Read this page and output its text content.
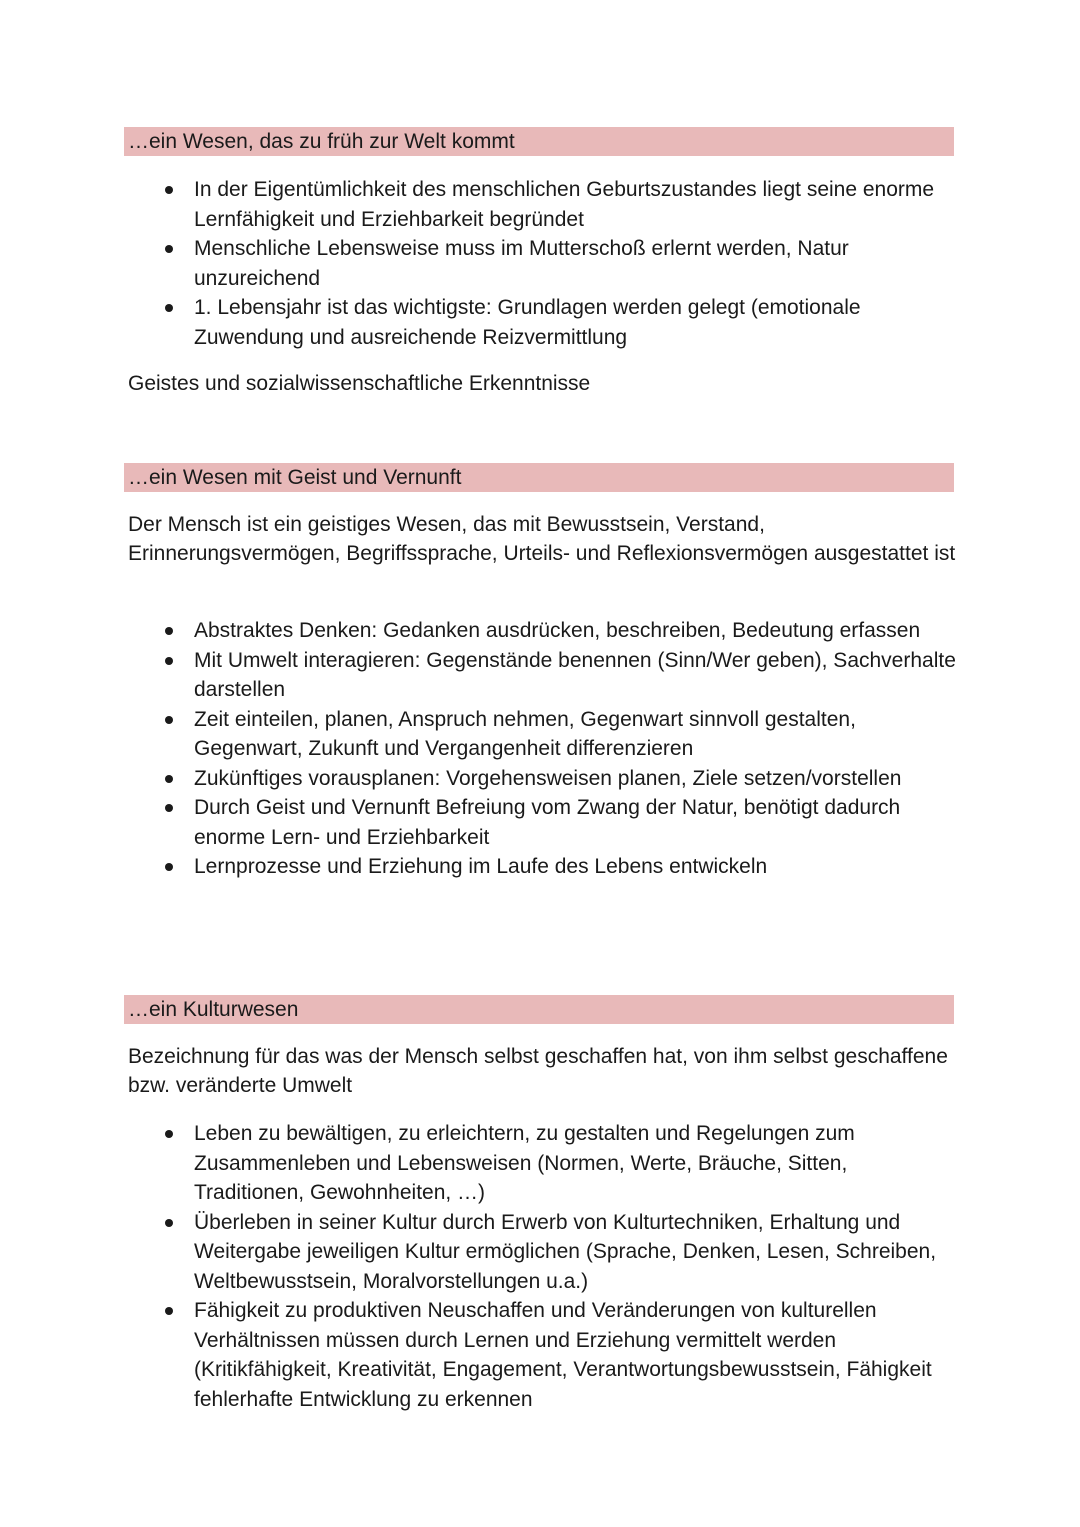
…ein Wesen, das zu früh zur Welt kommt
In der Eigentümlichkeit des menschlichen Geburtszustandes liegt seine enorme Lernfähigkeit und Erziehbarkeit begründet
Menschliche Lebensweise muss im Mutterschoß erlernt werden, Natur unzureichend
1. Lebensjahr ist das wichtigste: Grundlagen werden gelegt (emotionale Zuwendung und ausreichende Reizvermittlung

Geistes und sozialwissenschaftliche Erkenntnisse

…ein Wesen mit Geist und Vernunft

Der Mensch ist ein geistiges Wesen, das mit Bewusstsein, Verstand, Erinnerungsvermögen, Begriffssprache, Urteils- und Reflexionsvermögen ausgestattet ist

Abstraktes Denken: Gedanken ausdrücken, beschreiben, Bedeutung erfassen
Mit Umwelt interagieren: Gegenstände benennen (Sinn/Wer geben), Sachverhalte darstellen
Zeit einteilen, planen, Anspruch nehmen, Gegenwart sinnvoll gestalten, Gegenwart, Zukunft und Vergangenheit differenzieren
Zukünftiges vorausplanen: Vorgehensweisen planen, Ziele setzen/vorstellen
Durch Geist und Vernunft Befreiung vom Zwang der Natur, benötigt dadurch enorme Lern- und Erziehbarkeit
Lernprozesse und Erziehung im Laufe des Lebens entwickeln
…ein Kulturwesen

Bezeichnung für das was der Mensch selbst geschaffen hat, von ihm selbst geschaffene bzw. veränderte Umwelt

Leben zu bewältigen, zu erleichtern, zu gestalten und Regelungen zum Zusammenleben und Lebensweisen (Normen, Werte, Bräuche, Sitten, Traditionen, Gewohnheiten, …)
Überleben in seiner Kultur durch Erwerb von Kulturtechniken, Erhaltung und Weitergabe jeweiligen Kultur ermöglichen (Sprache, Denken, Lesen, Schreiben, Weltbewusstsein, Moralvorstellungen u.a.)
Fähigkeit zu produktiven Neuschaffen und Veränderungen von kulturellen Verhältnissen müssen durch Lernen und Erziehung vermittelt werden (Kritikfähigkeit, Kreativität, Engagement, Verantwortungsbewusstsein, Fähigkeit fehlerhafte Entwicklung zu erkennen
